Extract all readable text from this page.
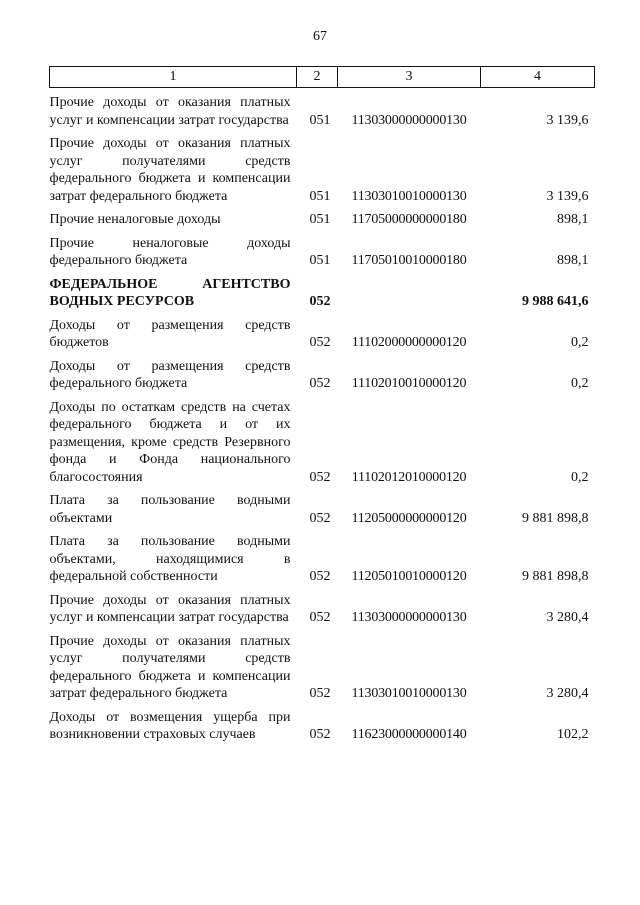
67
1	2	3	4
Прочие доходы от оказания платных услуг и компенсации затрат государства	051	11303000000000130	3 139,6
Прочие доходы от оказания платных услуг получателями средств федерального бюджета и компенсации затрат федерального бюджета	051	11303010010000130	3 139,6
Прочие неналоговые доходы	051	11705000000000180	898,1
Прочие неналоговые доходы федерального бюджета	051	11705010010000180	898,1
ФЕДЕРАЛЬНОЕ АГЕНТСТВО ВОДНЫХ РЕСУРСОВ	052		9 988 641,6
Доходы от размещения средств бюджетов	052	11102000000000120	0,2
Доходы от размещения средств федерального бюджета	052	11102010010000120	0,2
Доходы по остаткам средств на счетах федерального бюджета и от их размещения, кроме средств Резервного фонда и Фонда национального благосостояния	052	11102012010000120	0,2
Плата за пользование водными объектами	052	11205000000000120	9 881 898,8
Плата за пользование водными объектами, находящимися в федеральной собственности	052	11205010010000120	9 881 898,8
Прочие доходы от оказания платных услуг и компенсации затрат государства	052	11303000000000130	3 280,4
Прочие доходы от оказания платных услуг получателями средств федерального бюджета и компенсации затрат федерального бюджета	052	11303010010000130	3 280,4
Доходы от возмещения ущерба при возникновении страховых случаев	052	11623000000000140	102,2
